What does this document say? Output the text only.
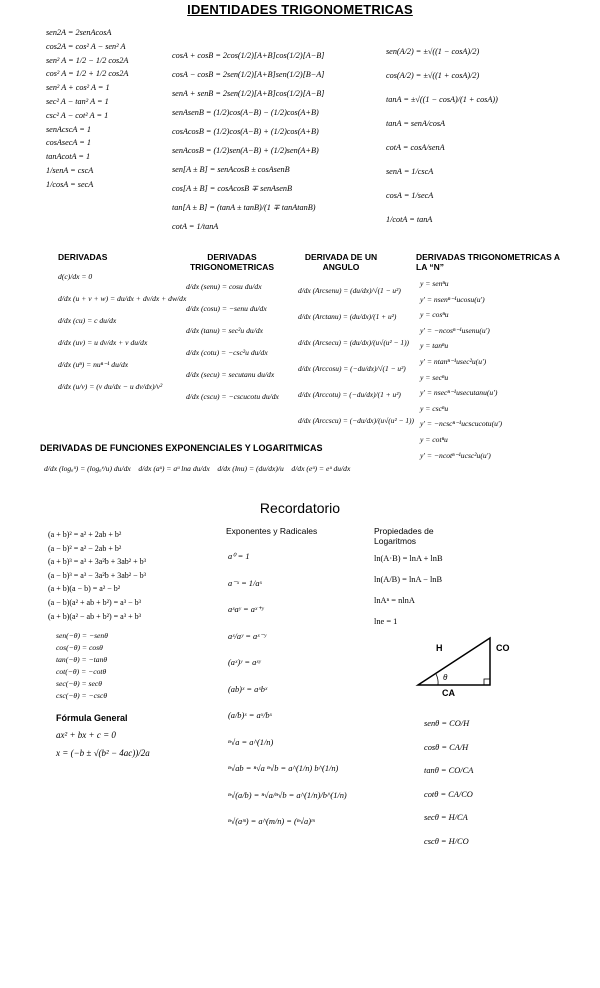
IDENTIDADES TRIGONOMETRICAS
sen2A = 2senAcosA
cos2A = cos² A − sen² A
sen² A = 1/2 − 1/2 cos2A
cos² A = 1/2 + 1/2 cos2A
sen² A + cos² A = 1
sec² A − tan² A = 1
csc² A − cot² A = 1
senAcscA = 1
cosAsecA = 1
tanAcotA = 1
1/senA = cscA
1/cosA = secA
cosA + cosB = 2cos(1/2)[A+B]cos(1/2)[A−B]
cosA − cosB = 2sen(1/2)[A+B]sen(1/2)[B−A]
senA + senB = 2sen(1/2)[A+B]cos(1/2)[A−B]
senAsenB = (1/2)cos(A−B) − (1/2)cos(A+B)
cosAcosB = (1/2)cos(A−B) + (1/2)cos(A+B)
senAcosB = (1/2)sen(A−B) + (1/2)sen(A+B)
sen[A ± B] = senAcosB ± cosAsenB
cos[A ± B] = cosAcosB ∓ senAsenB
tan[A ± B] = (tanA ± tanB)/(1 ∓ tanAtanB)
cotA = 1/tanA
sen(A/2) = ±√((1 − cosA)/2)
cos(A/2) = ±√((1 + cosA)/2)
tanA = ±√((1 − cosA)/(1 + cosA))
tanA = senA/cosA
cotA = cosA/senA
senA = 1/cscA
cosA = 1/secA
1/cotA = tanA
DERIVADAS
d(c)/dx = 0
d/dx (u + v + w) = du/dx + dv/dx + dw/dx
d/dx (cu) = c du/dx
d/dx (uv) = u dv/dx + v du/dx
d/dx (uⁿ) = nuⁿ⁻¹ du/dx
d/dx (u/v) = (v du/dx − u dv/dx)/v²
DERIVADAS TRIGONOMETRICAS
d/dx (senu) = cosu du/dx
d/dx (cosu) = −senu du/dx
d/dx (tanu) = sec²u du/dx
d/dx (cotu) = −csc²u du/dx
d/dx (secu) = secutanu du/dx
d/dx (cscu) = −cscucotu du/dx
DERIVADA DE UN ANGULO
d/dx (Arcsenu) = (du/dx)/√(1 − u²)
d/dx (Arctanu) = (du/dx)/(1 + u²)
d/dx (Arcsecu) = (du/dx)/(u√(u² − 1))
d/dx (Arccosu) = (−du/dx)/√(1 − u²)
d/dx (Arccotu) = (−du/dx)/(1 + u²)
d/dx (Arccscu) = (−du/dx)/(u√(u² − 1))
DERIVADAS TRIGONOMETRICAS A LA “N”
y = senⁿu
y' = nsenⁿ⁻¹ucosu(u')
y = cosⁿu
y' = −ncosⁿ⁻¹usenu(u')
y = tanⁿu
y' = ntanⁿ⁻¹usec²u(u')
y = secⁿu
y' = nsecⁿ⁻¹usecutanu(u')
y = cscⁿu
y' = −ncscⁿ⁻¹ucscucotu(u')
y = cotⁿu
y' = −ncotⁿ⁻¹ucsc²u(u')
DERIVADAS DE FUNCIONES EXPONENCIALES Y LOGARITMICAS
d/dx (logₐᵘ) = (logₐᵉ/u) du/dx d/dx (aᵘ) = aᵘ lna du/dx d/dx (lnu) = (du/dx)/u d/dx (eᵘ) = eᵘ du/dx
Recordatorio
(a + b)² = a² + 2ab + b²
(a − b)² = a² − 2ab + b²
(a + b)³ = a³ + 3a²b + 3ab² + b³
(a − b)³ = a³ − 3a²b + 3ab² − b³
(a + b)(a − b) = a² − b²
(a − b)(a² + ab + b²) = a³ − b³
(a + b)(a² − ab + b²) = a³ + b³
sen(−θ) = −senθ
cos(−θ) = cosθ
tan(−θ) = −tanθ
cot(−θ) = −cotθ
sec(−θ) = secθ
csc(−θ) = −cscθ
Fórmula General
ax² + bx + c = 0
x = (−b ± √(b² − 4ac))/2a
Exponentes y Radicales
a⁰ = 1
a⁻ˣ = 1/aˣ
aˣaʸ = aˣ⁺ʸ
aˣ/aʸ = aˣ⁻ʸ
(aˣ)ʸ = aˣʸ
(ab)ˣ = aˣbˣ
(a/b)ˣ = aˣ/bˣ
ⁿ√a = a^(1/n)
ⁿ√ab = ⁿ√a ⁿ√b = a^(1/n) b^(1/n)
ⁿ√(a/b) = ⁿ√a/ⁿ√b = a^(1/n)/b^(1/n)
ⁿ√(aᵐ) = a^(m/n) = (ⁿ√a)ᵐ
Propiedades de Logaritmos
ln(A·B) = lnA + lnB
ln(A/B) = lnA − lnB
lnAⁿ = nlnA
lne = 1
H	CO
CA
θ
senθ = CO/H
cosθ = CA/H
tanθ = CO/CA
cotθ = CA/CO
secθ = H/CA
cscθ = H/CO
